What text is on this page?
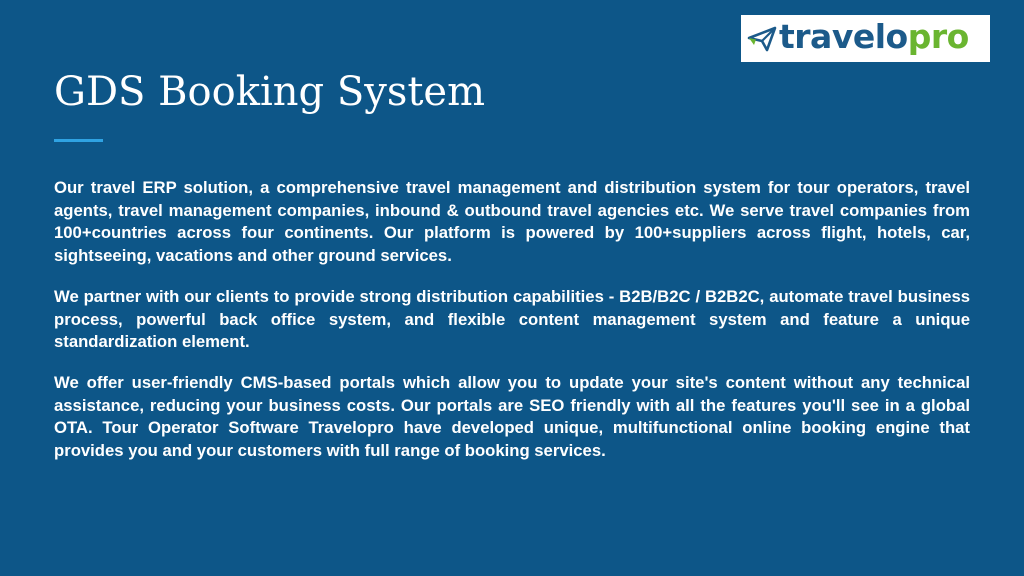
travelopro
GDS Booking System

Our travel ERP solution, a comprehensive travel management and distribution system for tour operators, travel agents, travel management companies, inbound & outbound travel agencies etc. We serve travel companies from 100+countries across four continents. Our platform is powered by 100+suppliers across flight, hotels, car, sightseeing, vacations and other ground services.

We partner with our clients to provide strong distribution capabilities - B2B/B2C / B2B2C, automate travel business process, powerful back office system, and flexible content management system and feature a unique standardization element.

We offer user-friendly CMS-based portals which allow you to update your site's content without any technical assistance, reducing your business costs. Our portals are SEO friendly with all the features you'll see in a global OTA. Tour Operator Software Travelopro have developed unique, multifunctional online booking engine that provides you and your customers with full range of booking services.
